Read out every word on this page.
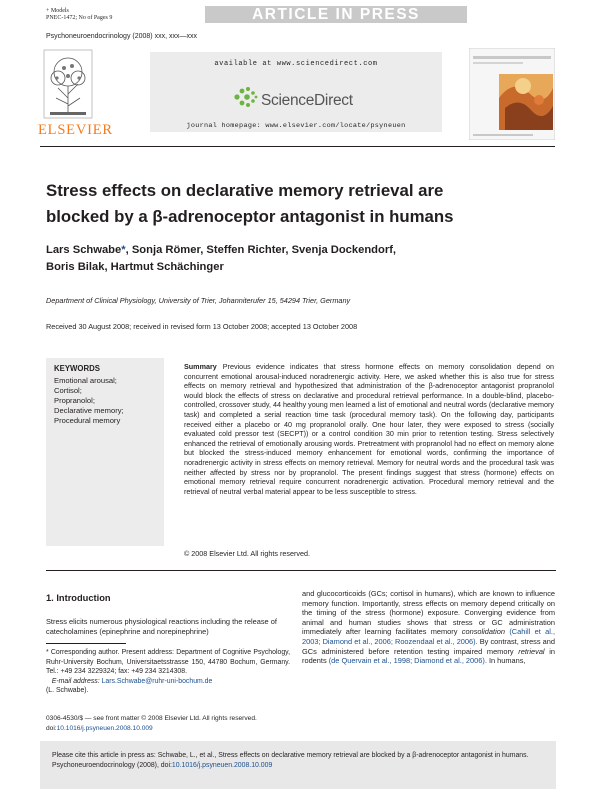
+ Models
PNEC-1472; No of Pages 9	ARTICLE IN PRESS
Psychoneuroendocrinology (2008) xxx, xxx—xxx
ELSEVIER
available at www.sciencedirect.com
ScienceDirect
journal homepage: www.elsevier.com/locate/psyneuen
Stress effects on declarative memory retrieval are
blocked by a β-adrenoceptor antagonist in humans
Lars Schwabe*, Sonja Römer, Steffen Richter, Svenja Dockendorf,
Boris Bilak, Hartmut Schächinger
Department of Clinical Physiology, University of Trier, Johanniterufer 15, 54294 Trier, Germany
Received 30 August 2008; received in revised form 13 October 2008; accepted 13 October 2008
KEYWORDS
Emotional arousal;
Cortisol;
Propranolol;
Declarative memory;
Procedural memory
Summary Previous evidence indicates that stress hormone effects on memory consolidation depend on concurrent emotional arousal-induced noradrenergic activity. Here, we asked whether this is also true for stress effects on memory retrieval and hypothesized that administration of the β-adrenoceptor antagonist propranolol would block the effects of stress on declarative and procedural retrieval performance. In a double-blind, placebo-controlled, crossover study, 44 healthy young men learned a list of emotional and neutral words (declarative memory task) and completed a serial reaction time task (procedural memory task). On the following day, participants received either a placebo or 40 mg propranolol orally. One hour later, they were exposed to stress (socially evaluated cold pressor test (SECPT)) or a control condition 30 min prior to retention testing. Stress selectively enhanced the retrieval of emotionally arousing words. Pretreatment with propranolol had no effect on memory alone but blocked the stress-induced memory enhancement for emotional words, confirming the importance of noradrenergic activity in stress effects on memory retrieval. Memory for neutral words and the procedural task was neither affected by stress nor by propranolol. The present findings suggest that stress (hormone) effects on emotional memory retrieval require concurrent noradrenergic activation. Procedural memory retrieval and the retrieval of neutral verbal material appear to be less susceptible to stress.
© 2008 Elsevier Ltd. All rights reserved.
1. Introduction
Stress elicits numerous physiological reactions including the release of catecholamines (epinephrine and norepinephrine)
* Corresponding author. Present address: Department of Cognitive Psychology, Ruhr-University Bochum, Universitaetsstrasse 150, 44780 Bochum, Germany. Tel.: +49 234 3229324; fax: +49 234 3214308.
E-mail address: Lars.Schwabe@ruhr-uni-bochum.de
(L. Schwabe).
and glucocorticoids (GCs; cortisol in humans), which are known to influence memory function. Importantly, stress effects on memory depend critically on the timing of the stress (hormone) exposure. Converging evidence from animal and human studies shows that stress or GC administration immediately after learning facilitates memory consolidation (Cahill et al., 2003; Diamond et al., 2006; Roozendaal et al., 2006). By contrast, stress and GCs administered before retention testing impaired memory retrieval in rodents (de Quervain et al., 1998; Diamond et al., 2006). In humans,
0306-4530/$ — see front matter © 2008 Elsevier Ltd. All rights reserved.
doi:10.1016/j.psyneuen.2008.10.009
Please cite this article in press as: Schwabe, L., et al., Stress effects on declarative memory retrieval are blocked by a β-adrenoceptor antagonist in humans. Psychoneuroendocrinology (2008), doi:10.1016/j.psyneuen.2008.10.009
